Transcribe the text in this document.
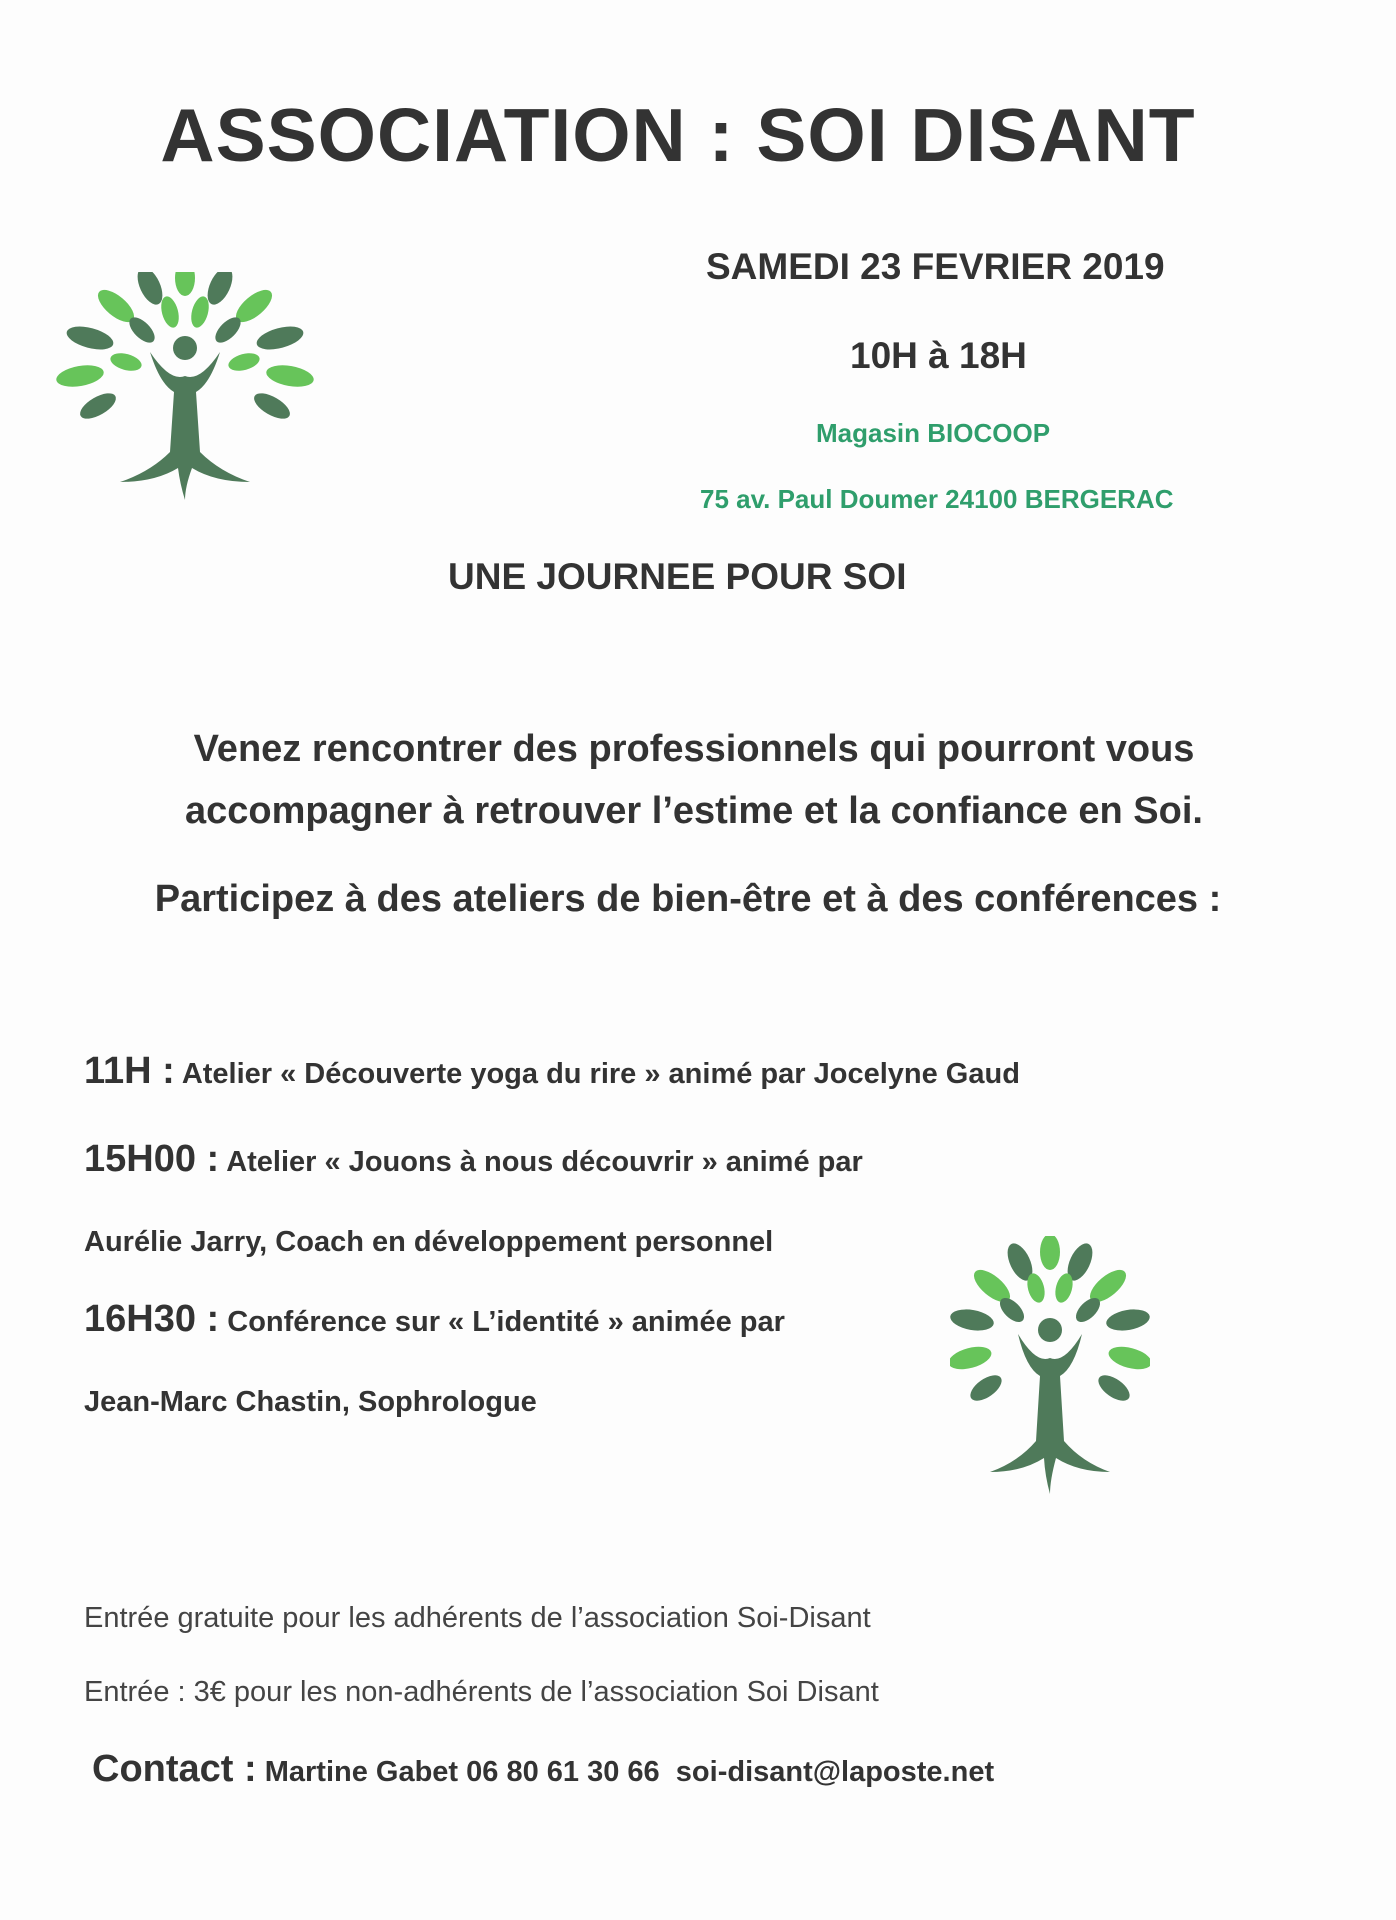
ASSOCIATION : SOI DISANT

SAMEDI 23 FEVRIER 2019

10H à 18H

Magasin BIOCOOP

75 av. Paul Doumer 24100 BERGERAC

UNE JOURNEE POUR SOI

Venez rencontrer des professionnels qui pourront vous

accompagner à retrouver l’estime et la confiance en Soi.

Participez à des ateliers de bien-être et à des conférences :

11H : Atelier « Découverte yoga du rire » animé par Jocelyne Gaud

15H00 : Atelier « Jouons à nous découvrir » animé par

Aurélie Jarry, Coach en développement personnel

16H30 : Conférence sur « L’identité » animée par

Jean-Marc Chastin, Sophrologue

Entrée gratuite pour les adhérents de l’association Soi-Disant

Entrée : 3€ pour les non-adhérents de l’association Soi Disant

Contact : Martine Gabet 06 80 61 30 66 soi-disant@laposte.net
